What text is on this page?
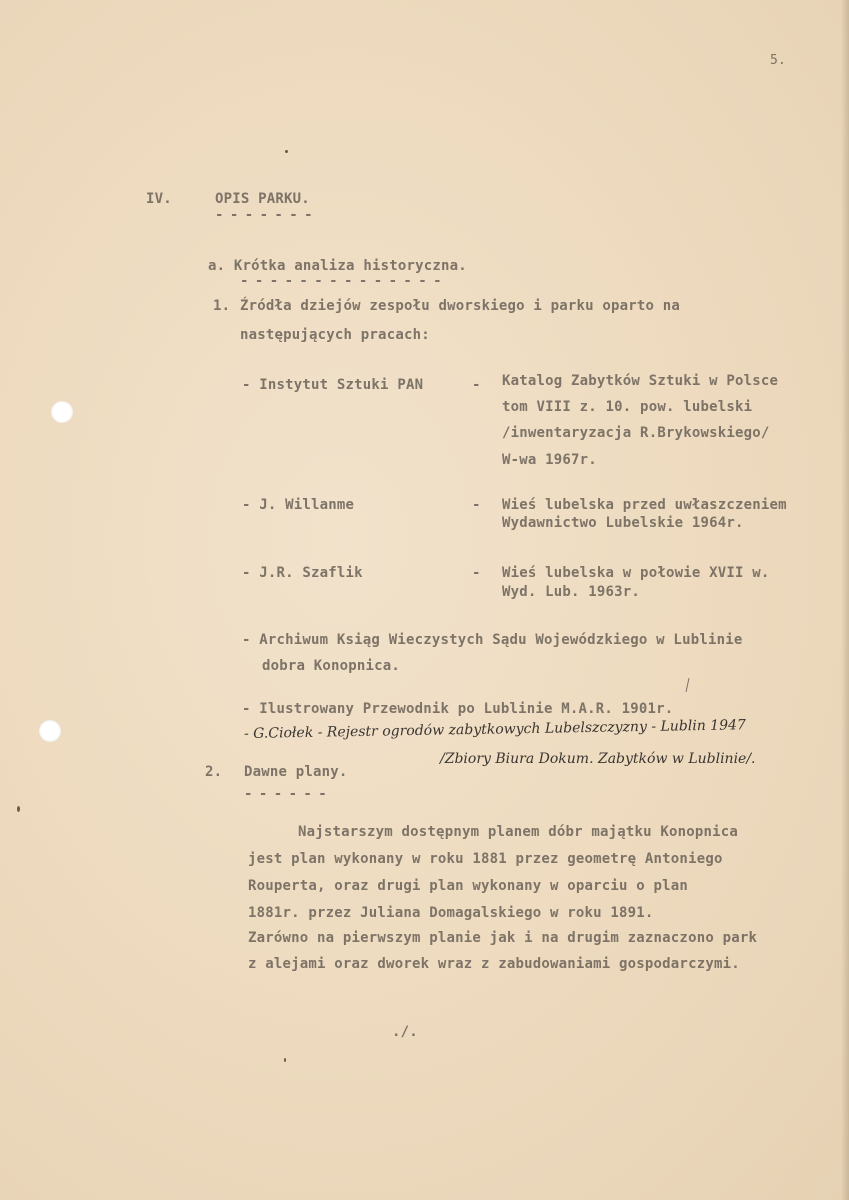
5.
IV.	OPIS PARKU.
- - - - - - -
a. Krótka analiza historyczna.
- - - - - - - - - - - - - -
1. Źródła dziejów zespołu dworskiego i parku oparto na
następujących pracach:
- Instytut Sztuki PAN	- Katalog Zabytków Sztuki w Polsce
tom VIII z. 10. pow. lubelski
/inwentaryzacja R.Brykowskiego/
W-wa 1967r.
- J. Willanme	- Wieś lubelska przed uwłaszczeniem
Wydawnictwo Lubelskie 1964r.
- J.R. Szaflik	- Wieś lubelska w połowie XVII w.
Wyd. Lub. 1963r.
- Archiwum Ksiąg Wieczystych Sądu Wojewódzkiego w Lublinie
dobra Konopnica.
- Ilustrowany Przewodnik po Lublinie M.A.R. 1901r.
- G.Ciołek - Rejestr ogrodów zabytkowych Lubelszczyzny - Lublin 1947
/Zbiory Biura Dokum. Zabytków w Lublinie/.
2. Dawne plany.
- - - - - -
Najstarszym dostępnym planem dóbr majątku Konopnica
jest plan wykonany w roku 1881 przez geometrę Antoniego
Rouperta, oraz drugi plan wykonany w oparciu o plan
1881r. przez Juliana Domagalskiego w roku 1891.
Zarówno na pierwszym planie jak i na drugim zaznaczono park
z alejami oraz dworek wraz z zabudowaniami gospodarczymi.
./.
